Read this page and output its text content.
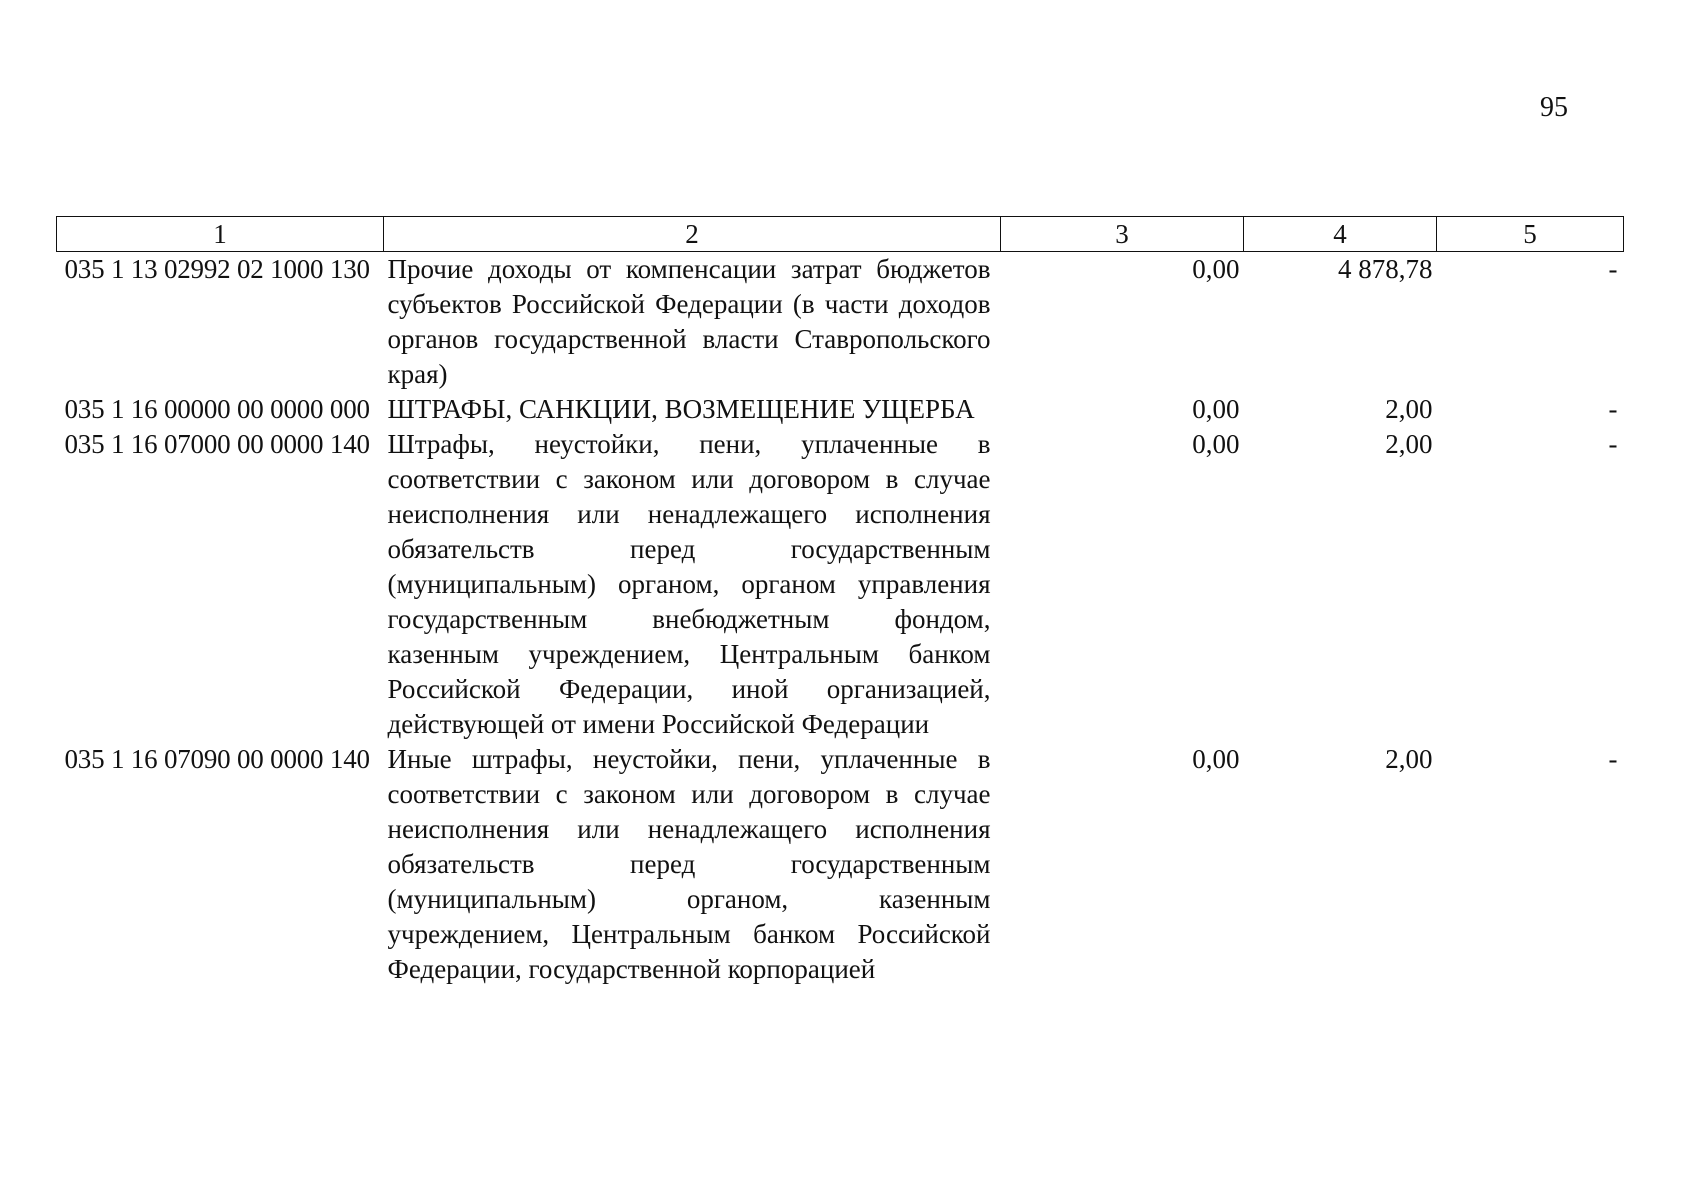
95
1	2	3	4	5
035 1 13 02992 02 1000 130	Прочие доходы от компенсации затрат бюджетов субъектов Российской Федерации (в части доходов органов государственной власти Ставропольского края)	0,00	4 878,78	-
035 1 16 00000 00 0000 000	ШТРАФЫ, САНКЦИИ, ВОЗМЕЩЕНИЕ УЩЕРБА	0,00	2,00	-
035 1 16 07000 00 0000 140	Штрафы, неустойки, пени, уплаченные в соответствии с законом или договором в случае неисполнения или ненадлежащего исполнения обязательств перед государственным (муниципальным) органом, органом управления государственным внебюджетным фондом, казенным учреждением, Центральным банком Российской Федерации, иной организацией, действующей от имени Российской Федерации	0,00	2,00	-
035 1 16 07090 00 0000 140	Иные штрафы, неустойки, пени, уплаченные в соответствии с законом или договором в случае неисполнения или ненадлежащего исполнения обязательств перед государственным (муниципальным) органом, казенным учреждением, Центральным банком Российской Федерации, государственной корпорацией	0,00	2,00	-
